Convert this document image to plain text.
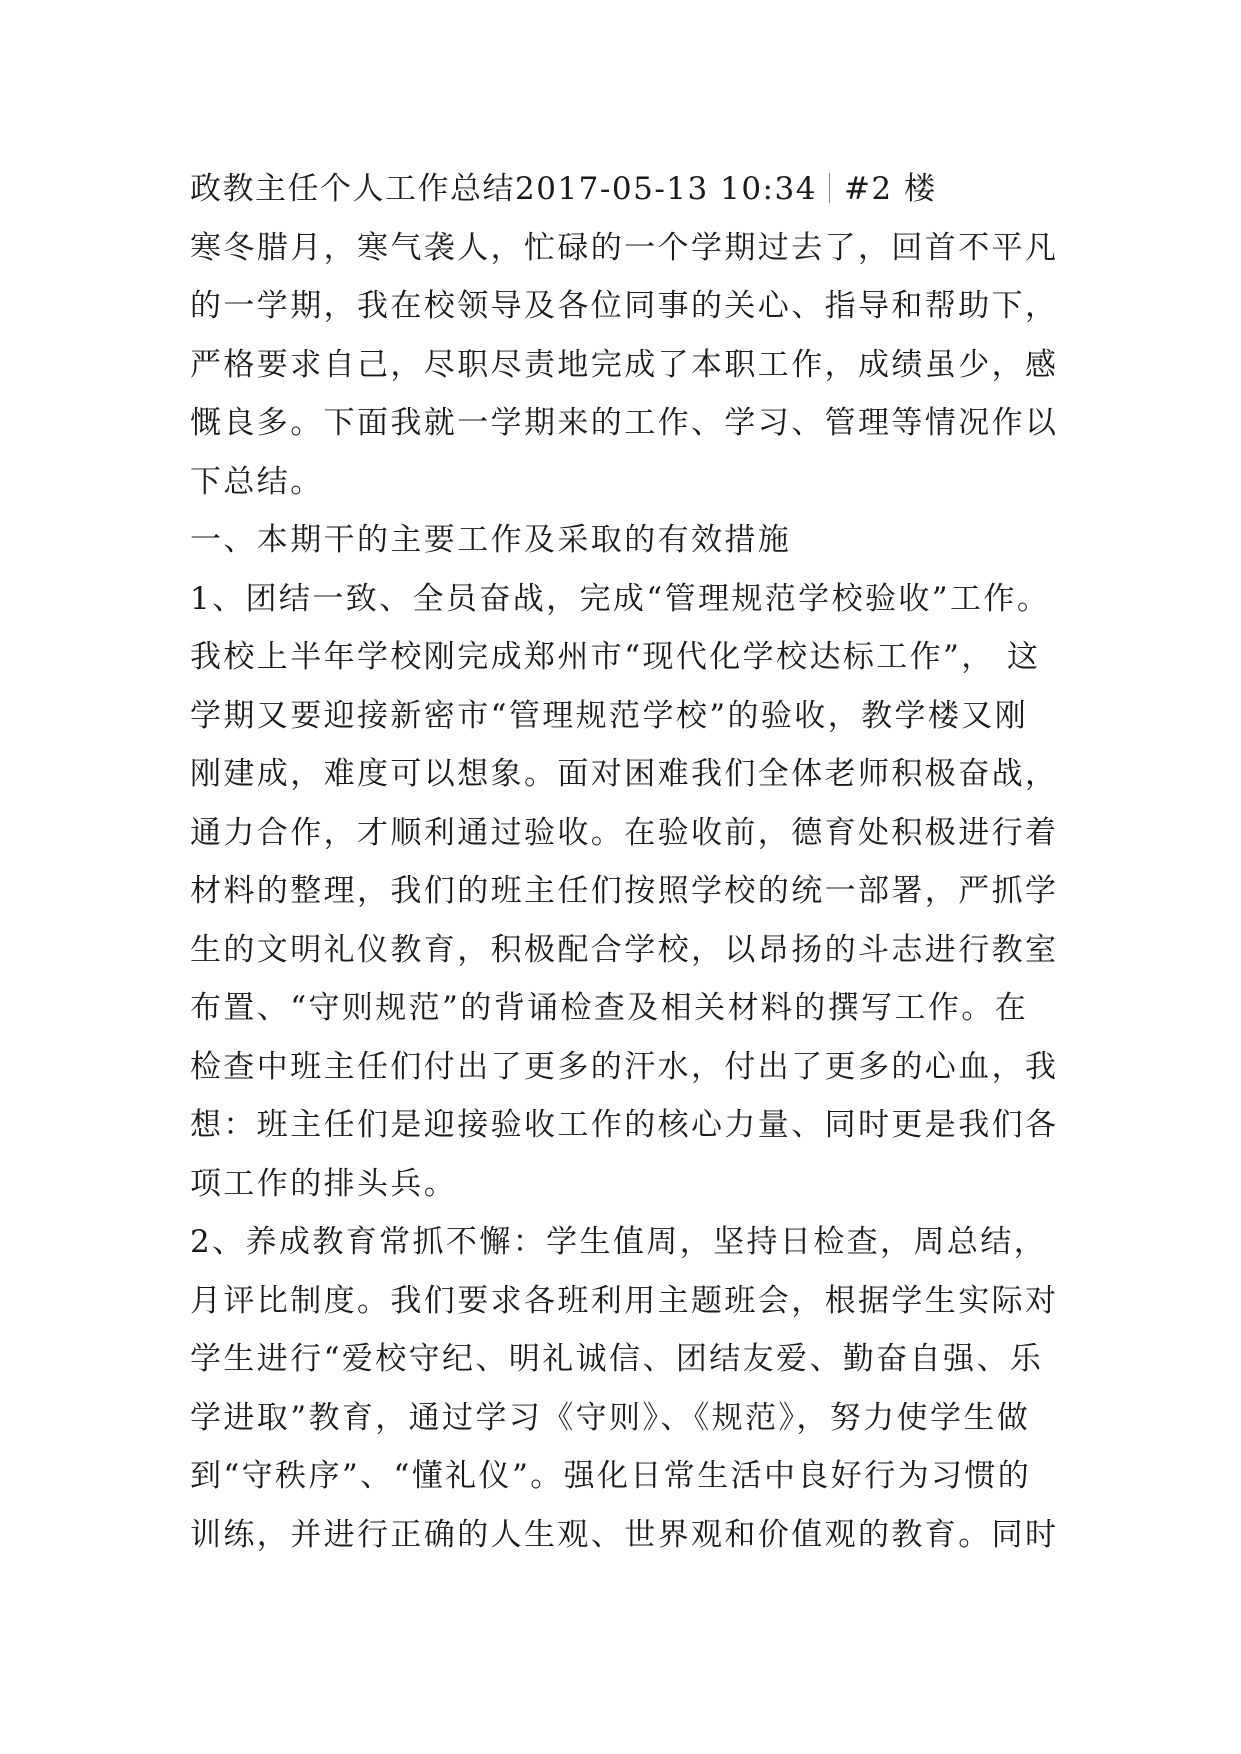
政教主任个人工作总结2017-05-13 10:34 #2 楼
寒冬腊月，寒气袭人，忙碌的一个学期过去了，回首不平凡
的一学期，我在校领导及各位同事的关心、指导和帮助下，
严格要求自己，尽职尽责地完成了本职工作，成绩虽少，感
慨良多。下面我就一学期来的工作、学习、管理等情况作以
下总结。
一、本期干的主要工作及采取的有效措施
1、团结一致、全员奋战，完成“管理规范学校验收”工作。
我校上半年学校刚完成郑州市“现代化学校达标工作”， 这
学期又要迎接新密市“管理规范学校”的验收，教学楼又刚
刚建成，难度可以想象。面对困难我们全体老师积极奋战，
通力合作，才顺利通过验收。在验收前，德育处积极进行着
材料的整理，我们的班主任们按照学校的统一部署，严抓学
生的文明礼仪教育，积极配合学校，以昂扬的斗志进行教室
布置、“守则规范”的背诵检查及相关材料的撰写工作。在
检查中班主任们付出了更多的汗水，付出了更多的心血，我
想：班主任们是迎接验收工作的核心力量、同时更是我们各
项工作的排头兵。
2、养成教育常抓不懈：学生值周，坚持日检查，周总结，
月评比制度。我们要求各班利用主题班会，根据学生实际对
学生进行“爱校守纪、明礼诚信、团结友爱、勤奋自强、乐
学进取”教育，通过学习《守则》、《规范》，努力使学生做
到“守秩序”、“懂礼仪”。强化日常生活中良好行为习惯的
训练，并进行正确的人生观、世界观和价值观的教育。同时
